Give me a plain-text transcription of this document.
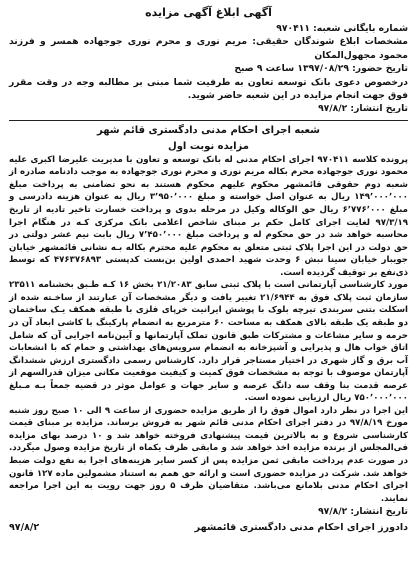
آگهی ابلاغ آگهی مزایده
شماره بایگانی شعبه: ۹۷۰۴۱۱
مشخصات ابلاغ شوندگان حقیقی: مریم نوری و محرم نوری جوجهاده همسر و فرزند محمود مجهول‌المکان
تاریخ حضور: ۱۳۹۷/۰۸/۲۹ ساعت ۹ صبح
درخصوص دعوی بانک توسعه تعاون به طرفیت شما مبنی بر مطالبه وجه در وقت مقرر فوق جهت انجام مزایده در این شعبه حاضر شوید.
تاریخ انتشار: ۹۷/۸/۲
شعبه اجرای احکام مدنی دادگستری قائم شهر
مزایده نوبت اول
پرونده کلاسه ۹۷۰۴۱۱ اجرای احکام مدنی له بانک توسعه و تعاون با مدیریت علیرضا اکبری علیه محمود نوری جوجهاده محرم بکاله مریم نوری و محرم نوری جوجهاده به موجب دادنامه صادره از شعبه دوم حقوقی قائمشهر محکوم علیهم محکوم هستند به نحو تضامنی به پرداخت مبلغ ۱۴۹٬۰۰۰٬۰۰۰ ریال به عنوان اصل خواسته و مبلغ ۳٬۹۵۰٬۰۰۰ ریال به عنوان هزینه دادرسی و مبلغ ۶٬۷۷۶٬۰۰۰ ریال حق الوکاله وکیل در مرحله بدوی و پرداخت خسارت تاخیر تادیه از تاریخ ۹۷/۳/۱۹ لغایت اجرای کامل حکم بر مبنای شاخص اعلامی بانک مرکزی کـه در هنگام اجرا محاسبه خواهد شد در حق محکوم له و پرداخت مبلغ ۷٬۴۵۰٬۰۰۰ ریال بابت نیم عشر دولتی در حق دولت در این اجرا پلاک ثبتی متعلق به محکوم علیه محترم بکاله بـه نشانی قائمشهر خیابان جویبار خیابان سینا نبش ۶ وحدت شهید احمدی اولین بن‌بست کدپستی ۴۷۶۳۷۶۸۹۳ که توسط ذی‌نفع بر توقیف گردیده است.
مورد کارشناسی آپارتمانی است با پلاک ثبتی سابق ۲۱/۲۰۸۳ بخش ۱۶ کـه طـبق بخشنامه ۲۳۵۱۱ سازمان ثبت پلاک فوق به ۲۱/۶۹۴۴ تغییر یافت و دیگر مشخصات آن عبارتند از ساخـته شده از اسکلت بتنی سربندی تیرچه بلوک با پوشش ایرانیت خرپای فلزی با طبقه همکف یـک ساختمان دو طبقه یک طبقه بالای همکف به مساحت ۶۰ مترمربع به انضمام پارکینگ با کاشی ابعاد آن در حرمه و سایر مشاعات و مشترکات طبق قانون تملک آپارتمانها و آیین‌نامه اجرایی آن که شامل اتاق خواب هال و پذیرایی و آشپزخانه به انضمام سرویس‌های بهداشتی و حمام که با انشعابات آب برق و گاز شهری در اختیار مستاجر قرار دارد. کارشناس رسمی دادگستری ارزش ششدانگ آپارتمان موصوف با توجه به مشخصات فوق کمیت و کیفیت موقعیت مکانی میزان قدرالسهم از عرصه قدمت بنا وقف سه دانگ عرصه و سایر جهات و عوامل موثر در قضیه جمعاً بـه مـبلغ ۷۵۰٬۰۰۰٬۰۰۰ ریال ارزیابی نموده است.
این اجرا در نظر دارد اموال فوق را از طریق مزایده حضوری از ساعت ۹ الی ۱۰ صبح روز شنبه مورخ ۹۷/۸/۱۹ در دفتر اجرای احکام مدنی قائم شهر به فروش برساند. مزایده بر مبنای قیمت کارشناسی شروع و به بالاترین قیمت پیشنهادی فروخته خواهد شد و ۱۰ درصد بهای مزایده فی‌المجلس از برنده مزایده اخذ خواهد شد و مابقی ظرف یکماه از تاریخ مزایده وصول میگردد. در صورت عدم پرداخت مابقی ثمن مزایده پس از کسر سایر هزینه‌های اجرا به نفع دولت ضبط خواهد شد. شرکت در مزایده حضوری است و ارائه حق همم به استناد مشمولین ماده ۱۲۷ قانون اجرای احکام مدنی بلامانع می‌باشد. متقاضیان ظرف ۵ روز جهت رویت به این اجرا مراجعه نمایند.
تاریخ انتشار: ۹۷/۸/۲
دادورز اجرای احکام مدنی دادگستری قائمشهر
۹۷/۸/۲
